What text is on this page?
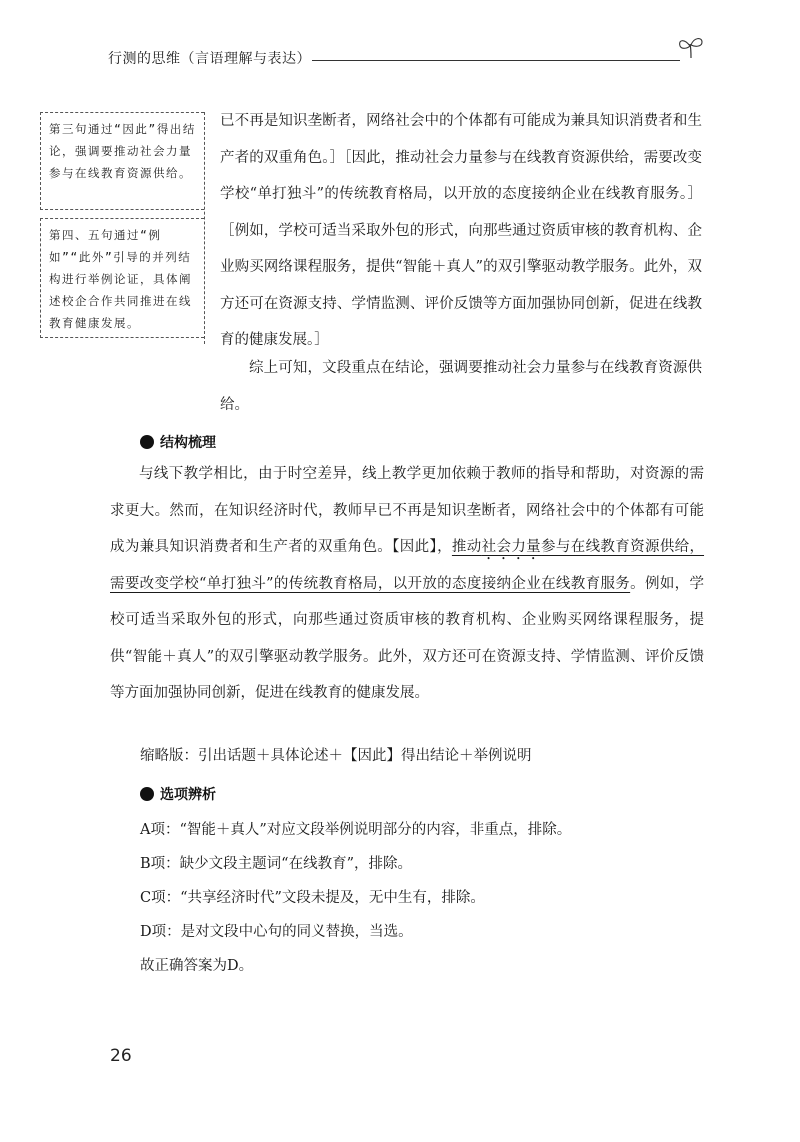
行测的思维（言语理解与表达）
第三句通过“因此”得出结论，强调要推动社会力量参与在线教育资源供给。
第四、五句通过“例如”“此外”引导的并列结构进行举例论证，具体阐述校企合作共同推进在线教育健康发展。
已不再是知识垄断者，网络社会中的个体都有可能成为兼具知识消费者和生产者的双重角色。］［因此，推动社会力量参与在线教育资源供给，需要改变学校“单打独斗”的传统教育格局，以开放的态度接纳企业在线教育服务。］［例如，学校可适当采取外包的形式，向那些通过资质审核的教育机构、企业购买网络课程服务，提供“智能＋真人”的双引擎驱动教学服务。此外，双方还可在资源支持、学情监测、评价反馈等方面加强协同创新，促进在线教育的健康发展。］
综上可知，文段重点在结论，强调要推动社会力量参与在线教育资源供给。
结构梳理
与线下教学相比，由于时空差异，线上教学更加依赖于教师的指导和帮助，对资源的需求更大。然而，在知识经济时代，教师早已不再是知识垄断者，网络社会中的个体都有可能成为兼具知识消费者和生产者的双重角色。【因此】，推动社会力量参与在线教育资源供给，需要改变学校“单打独斗”的传统教育格局，以开放的态度接纳企业在线教育服务。例如，学校可适当采取外包的形式，向那些通过资质审核的教育机构、企业购买网络课程服务，提供“智能＋真人”的双引擎驱动教学服务。此外，双方还可在资源支持、学情监测、评价反馈等方面加强协同创新，促进在线教育的健康发展。
缩略版：引出话题＋具体论述＋【因此】得出结论＋举例说明
选项辨析
A项：“智能＋真人”对应文段举例说明部分的内容，非重点，排除。
B项：缺少文段主题词“在线教育”，排除。
C项：“共享经济时代”文段未提及，无中生有，排除。
D项：是对文段中心句的同义替换，当选。
故正确答案为D。
26
